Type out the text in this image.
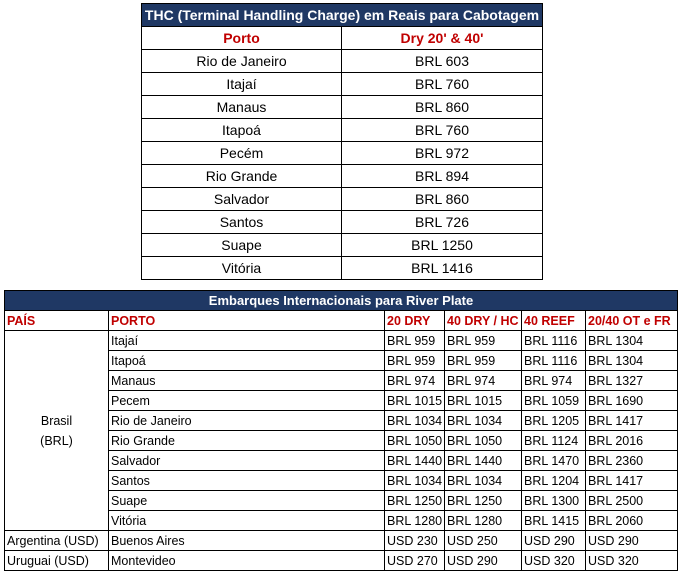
THC (Terminal Handling Charge) em Reais para Cabotagem	
Porto	Dry 20' & 40'
Rio de Janeiro	BRL 603
Itajaí	BRL 760
Manaus	BRL 860
Itapoá	BRL 760
Pecém	BRL 972
Rio Grande	BRL 894
Salvador	BRL 860
Santos	BRL 726
Suape	BRL 1250
Vitória	BRL 1416
Embarques Internacionais para River Plate					
PAÍS	PORTO	20 DRY	40 DRY / HC	40 REEF	20/40 OT e FR
Brasil
(BRL)	Itajaí	BRL 959	BRL 959	BRL 1116	BRL 1304
	Itapoá	BRL 959	BRL 959	BRL 1116	BRL 1304
	Manaus	BRL 974	BRL 974	BRL 974	BRL 1327
	Pecem	BRL 1015	BRL 1015	BRL 1059	BRL 1690
	Rio de Janeiro	BRL 1034	BRL 1034	BRL 1205	BRL 1417
	Rio Grande	BRL 1050	BRL 1050	BRL 1124	BRL 2016
	Salvador	BRL 1440	BRL 1440	BRL 1470	BRL 2360
	Santos	BRL 1034	BRL 1034	BRL 1204	BRL 1417
	Suape	BRL 1250	BRL 1250	BRL 1300	BRL 2500
	Vitória	BRL 1280	BRL 1280	BRL 1415	BRL 2060
Argentina (USD)	Buenos Aires	USD 230	USD 250	USD 290	USD 290
Uruguai (USD)	Montevideo	USD 270	USD 290	USD 320	USD 320
